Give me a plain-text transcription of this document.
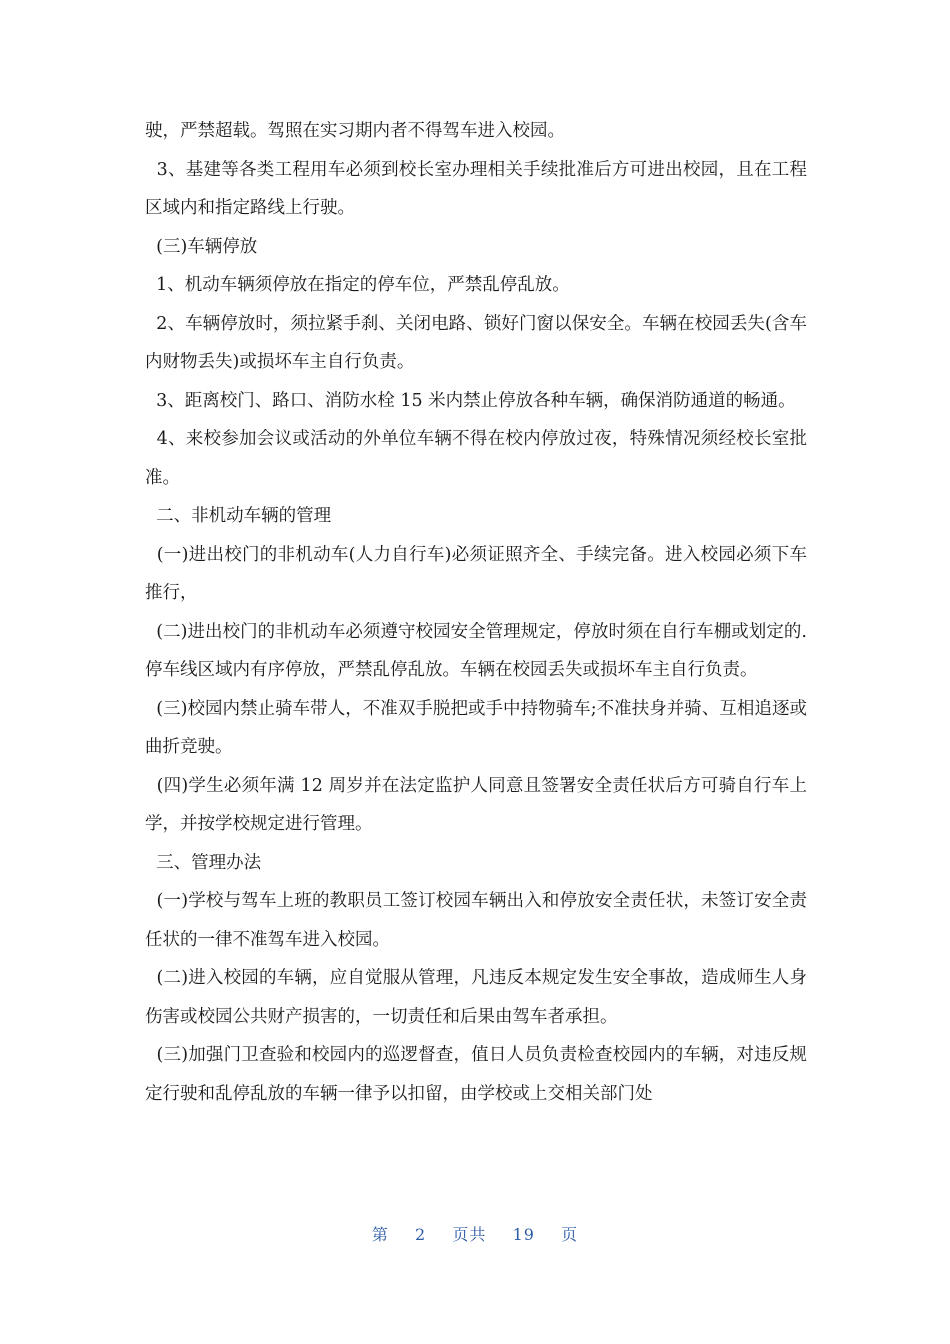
驶，严禁超载。驾照在实习期内者不得驾车进入校园。

3、基建等各类工程用车必须到校长室办理相关手续批准后方可进出校园，且在工程区域内和指定路线上行驶。

(三)车辆停放

1、机动车辆须停放在指定的停车位，严禁乱停乱放。

2、车辆停放时，须拉紧手刹、关闭电路、锁好门窗以保安全。车辆在校园丢失(含车内财物丢失)或损坏车主自行负责。

3、距离校门、路口、消防水栓 15 米内禁止停放各种车辆，确保消防通道的畅通。

4、来校参加会议或活动的外单位车辆不得在校内停放过夜，特殊情况须经校长室批准。

二、非机动车辆的管理

(一)进出校门的非机动车(人力自行车)必须证照齐全、手续完备。进入校园必须下车推行，

(二)进出校门的非机动车必须遵守校园安全管理规定，停放时须在自行车棚或划定的.停车线区域内有序停放，严禁乱停乱放。车辆在校园丢失或损坏车主自行负责。

(三)校园内禁止骑车带人，不准双手脱把或手中持物骑车;不准扶身并骑、互相追逐或曲折竞驶。

(四)学生必须年满 12 周岁并在法定监护人同意且签署安全责任状后方可骑自行车上学，并按学校规定进行管理。

三、管理办法

(一)学校与驾车上班的教职员工签订校园车辆出入和停放安全责任状，未签订安全责任状的一律不准驾车进入校园。

(二)进入校园的车辆，应自觉服从管理，凡违反本规定发生安全事故，造成师生人身伤害或校园公共财产损害的，一切责任和后果由驾车者承担。

(三)加强门卫查验和校园内的巡逻督查，值日人员负责检查校园内的车辆，对违反规定行驶和乱停乱放的车辆一律予以扣留，由学校或上交相关部门处

第 2 页共 19 页
